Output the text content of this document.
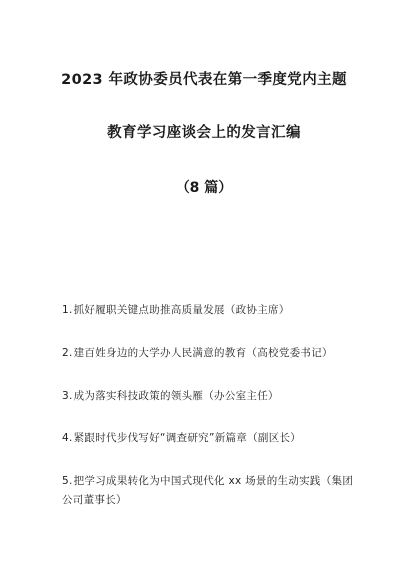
2023 年政协委员代表在第一季度党内主题
教育学习座谈会上的发言汇编
（8 篇）
1.抓好履职关键点助推高质量发展（政协主席）
2.建百姓身边的大学办人民满意的教育（高校党委书记）
3.成为落实科技政策的领头雁（办公室主任）
4.紧跟时代步伐写好“调查研究”新篇章（副区长）
5.把学习成果转化为中国式现代化 xx 场景的生动实践（集团公司董事长）
